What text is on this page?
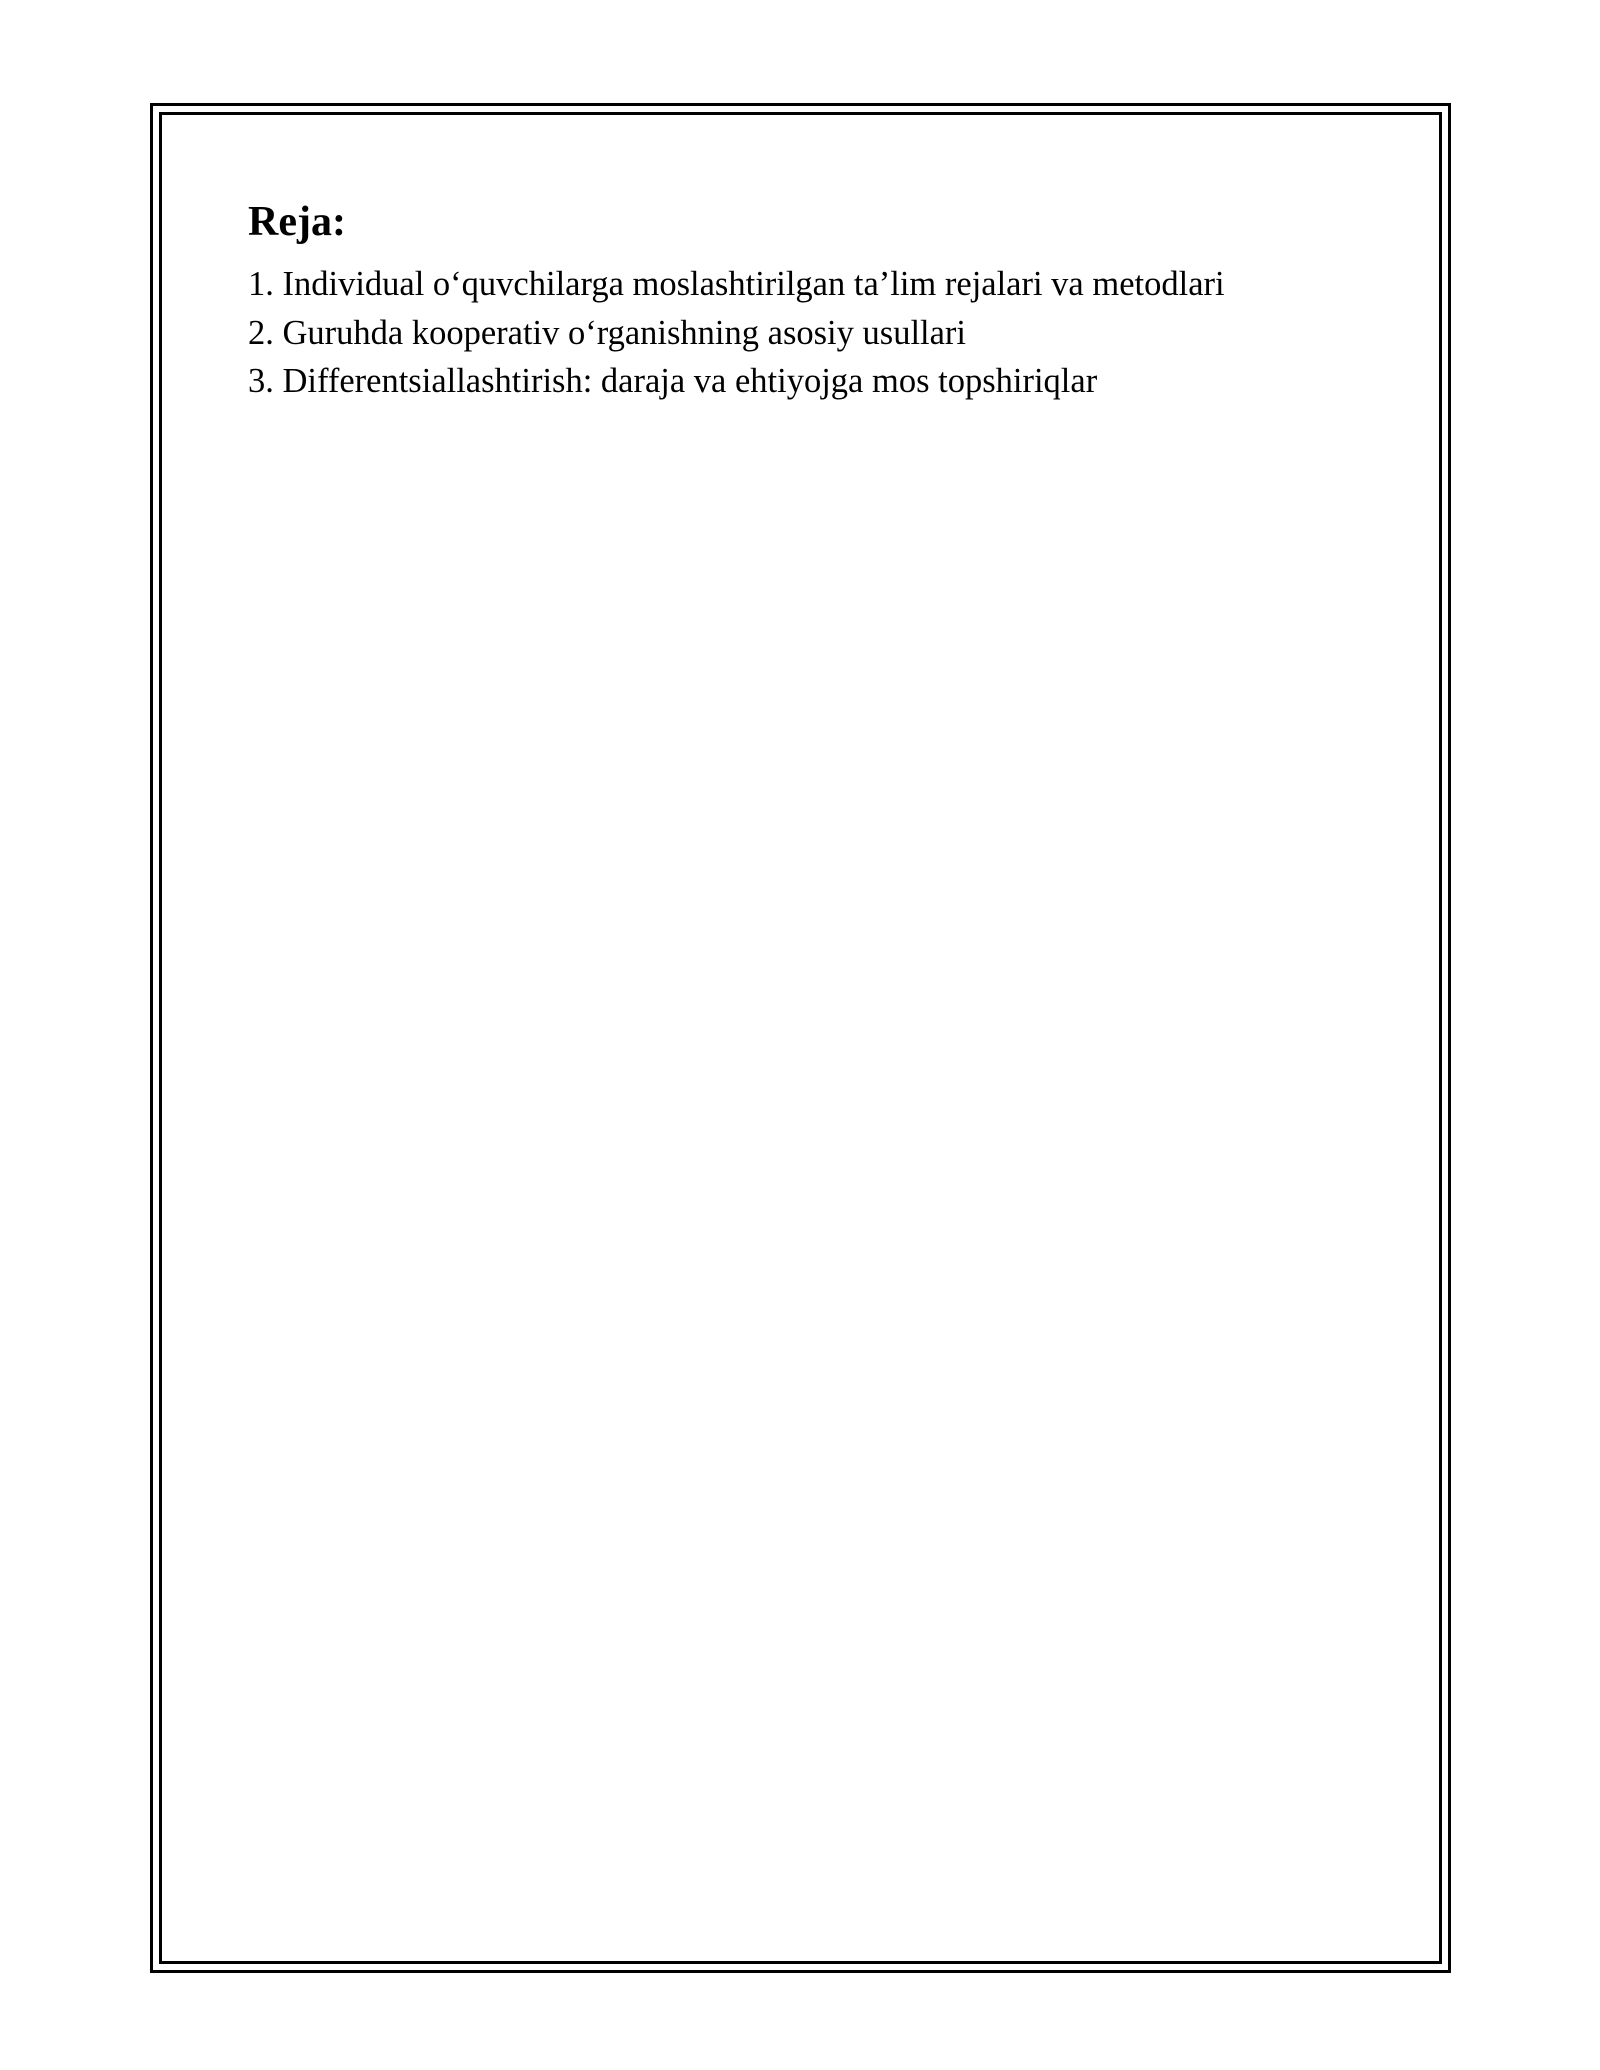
Reja:
1. Individual o‘quvchilarga moslashtirilgan ta’lim rejalari va metodlari
2. Guruhda kooperativ o‘rganishning asosiy usullari
3. Differentsiallashtirish: daraja va ehtiyojga mos topshiriqlar
